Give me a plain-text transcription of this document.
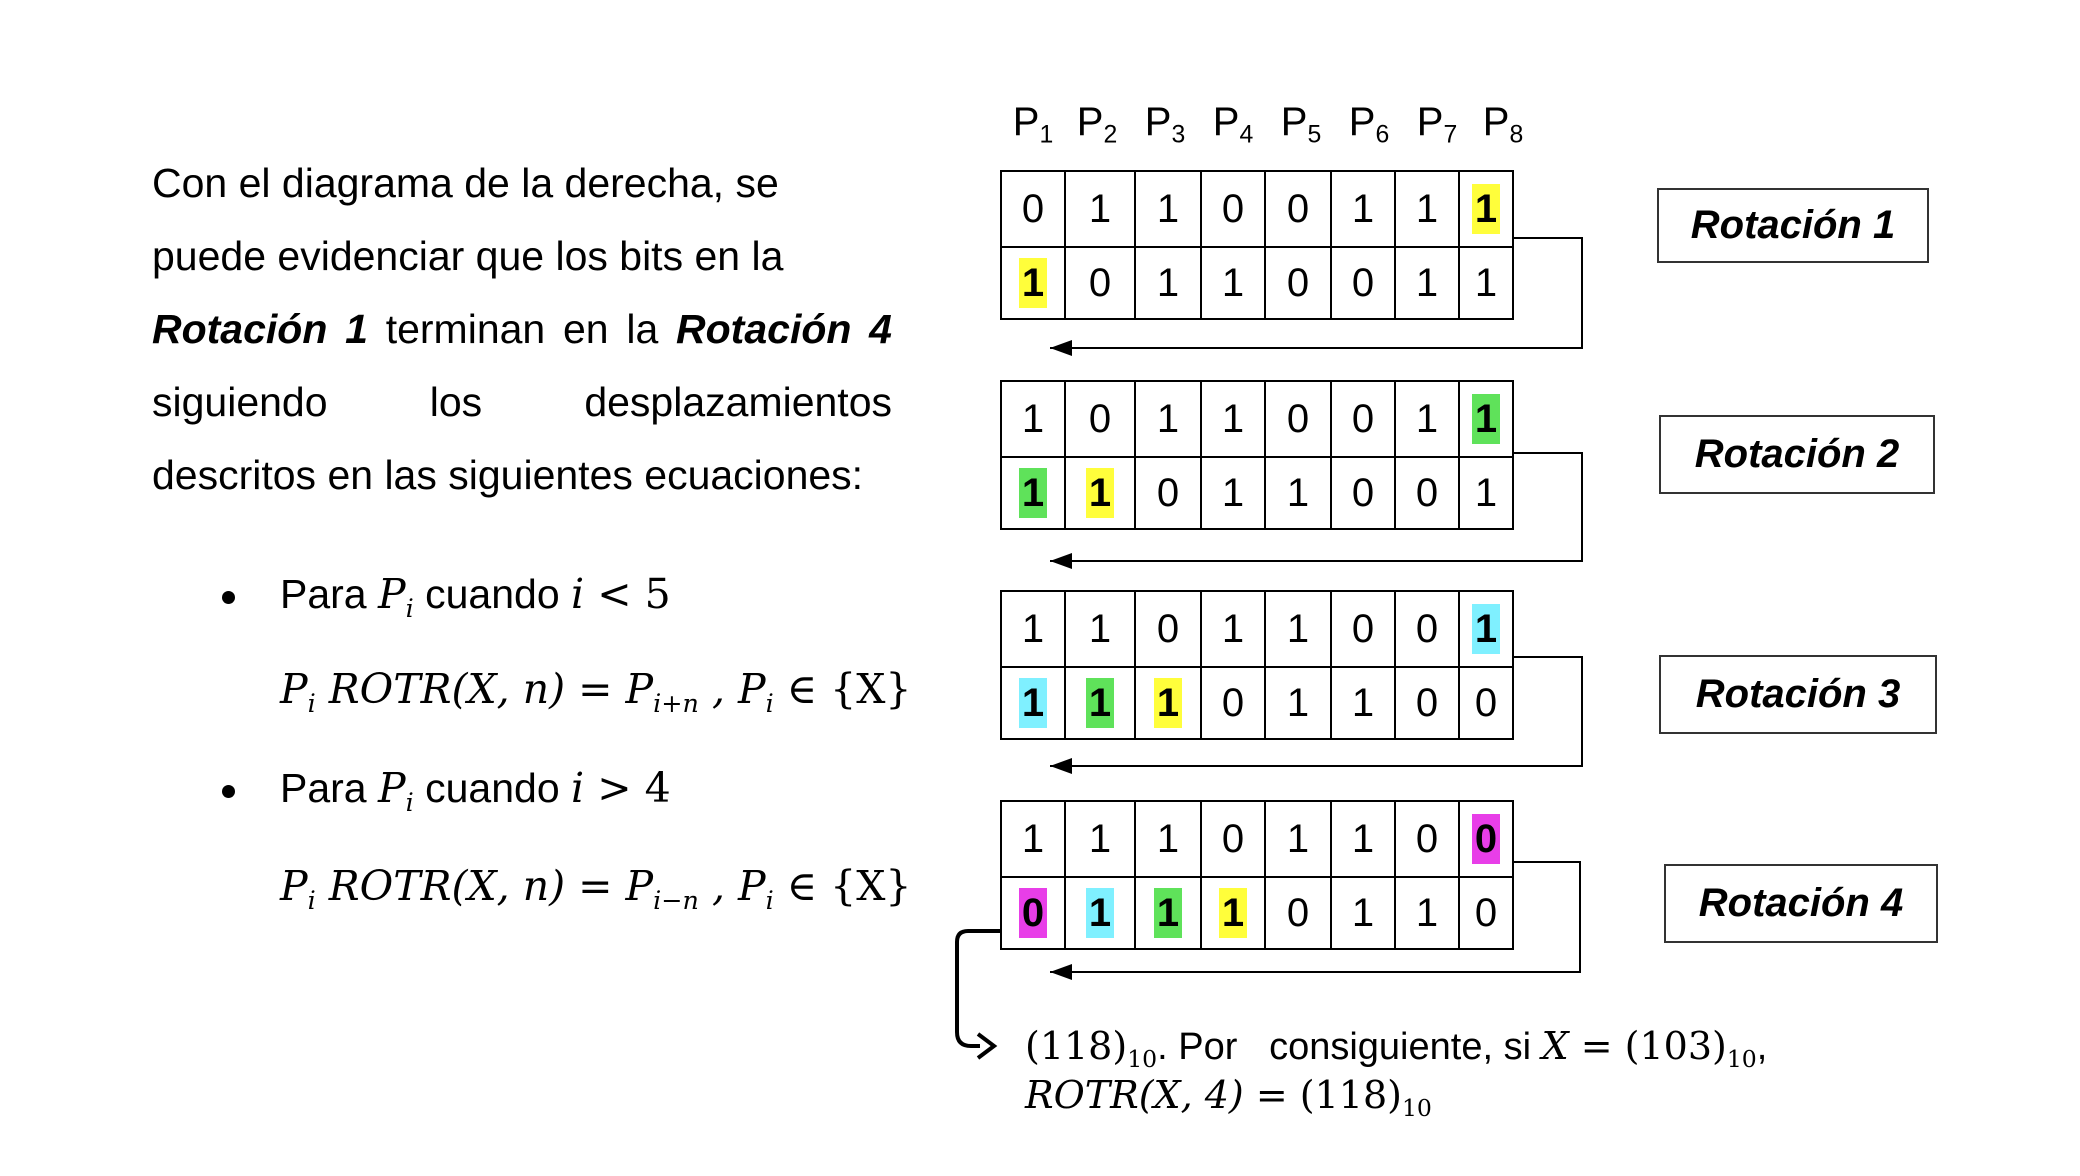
Con el diagrama de la derecha, se
puede evidenciar que los bits en la
Rotación 1 terminan en la Rotación 4
siguiendo los desplazamientos
descritos en las siguientes ecuaciones:
Para $P_i$ cuando i < 5
$P_i$ ROTR(X, $n) = P_{i+n}$ , $P_i$ ∈ {X}
Para $P_i$ cuando i > 4
$P_i$ ROTR(X, $n) = P_{i-n}$ , $P_i$ ∈ {X}
$P_1$ $P_2$ $P_3$ $P_4$ $P_5$ $P_6$ $P_7$ $P_8$
0 1 1 0 0 1 1 1
1 0 1 1 0 0 1 1
1 0 1 1 0 0 1 1
1 1 0 1 1 0 0 1
1 1 0 1 1 0 0 1
1 1 1 0 1 1 0 0
1 1 1 0 1 1 0 0
0 1 1 1 0 1 1 0
Rotación 1
Rotación 2
Rotación 3
Rotación 4
$(118)_{10}$. Por   consiguiente, si $X = (103)_{10}$,
ROTR(X, $4) = (118)_{10}$
